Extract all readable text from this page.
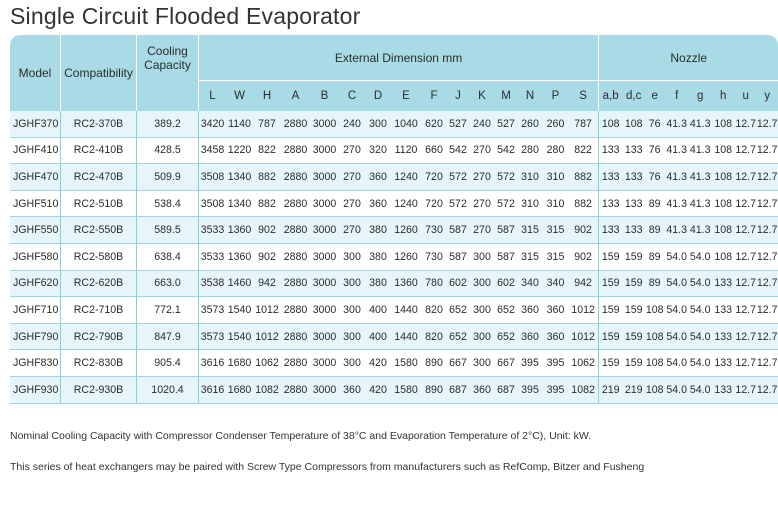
Single Circuit Flooded Evaporator
Model	Compatibility	Cooling Capacity	External Dimension mm															Nozzle							
			L	W	H	A	B	C	D	E	F	J	K	M	N	P	S	a,b	d,c	e	f	g	h	u	y
JGHF370	RC2-370B	389.2	3420	1140	787	2880	3000	240	300	1040	620	527	240	527	260	260	787	108	108	76	41.3	41.3	108	12.7	12.7
JGHF410	RC2-410B	428.5	3458	1220	822	2880	3000	270	320	1120	660	542	270	542	280	280	822	133	133	76	41.3	41.3	108	12.7	12.7
JGHF470	RC2-470B	509.9	3508	1340	882	2880	3000	270	360	1240	720	572	270	572	310	310	882	133	133	76	41.3	41.3	108	12.7	12.7
JGHF510	RC2-510B	538.4	3508	1340	882	2880	3000	270	360	1240	720	572	270	572	310	310	882	133	133	89	41.3	41.3	108	12.7	12.7
JGHF550	RC2-550B	589.5	3533	1360	902	2880	3000	270	380	1260	730	587	270	587	315	315	902	133	133	89	41.3	41.3	108	12.7	12.7
JGHF580	RC2-580B	638.4	3533	1360	902	2880	3000	300	380	1260	730	587	300	587	315	315	902	159	159	89	54.0	54.0	108	12.7	12.7
JGHF620	RC2-620B	663.0	3538	1460	942	2880	3000	300	380	1360	780	602	300	602	340	340	942	159	159	89	54.0	54.0	133	12.7	12.7
JGHF710	RC2-710B	772.1	3573	1540	1012	2880	3000	300	400	1440	820	652	300	652	360	360	1012	159	159	108	54.0	54.0	133	12.7	12.7
JGHF790	RC2-790B	847.9	3573	1540	1012	2880	3000	300	400	1440	820	652	300	652	360	360	1012	159	159	108	54.0	54.0	133	12.7	12.7
JGHF830	RC2-830B	905.4	3616	1680	1062	2880	3000	300	420	1580	890	667	300	667	395	395	1062	159	159	108	54.0	54.0	133	12.7	12.7
JGHF930	RC2-930B	1020.4	3616	1680	1082	2880	3000	360	420	1580	890	687	360	687	395	395	1082	219	219	108	54.0	54.0	133	12.7	12.7
Nominal Cooling Capacity with Compressor Condenser Temperature of 38°C and Evaporation Temperature of 2°C), Unit: kW.
This series of heat exchangers may be paired with Screw Type Compressors from manufacturers such as RefComp, Bitzer and Fusheng
